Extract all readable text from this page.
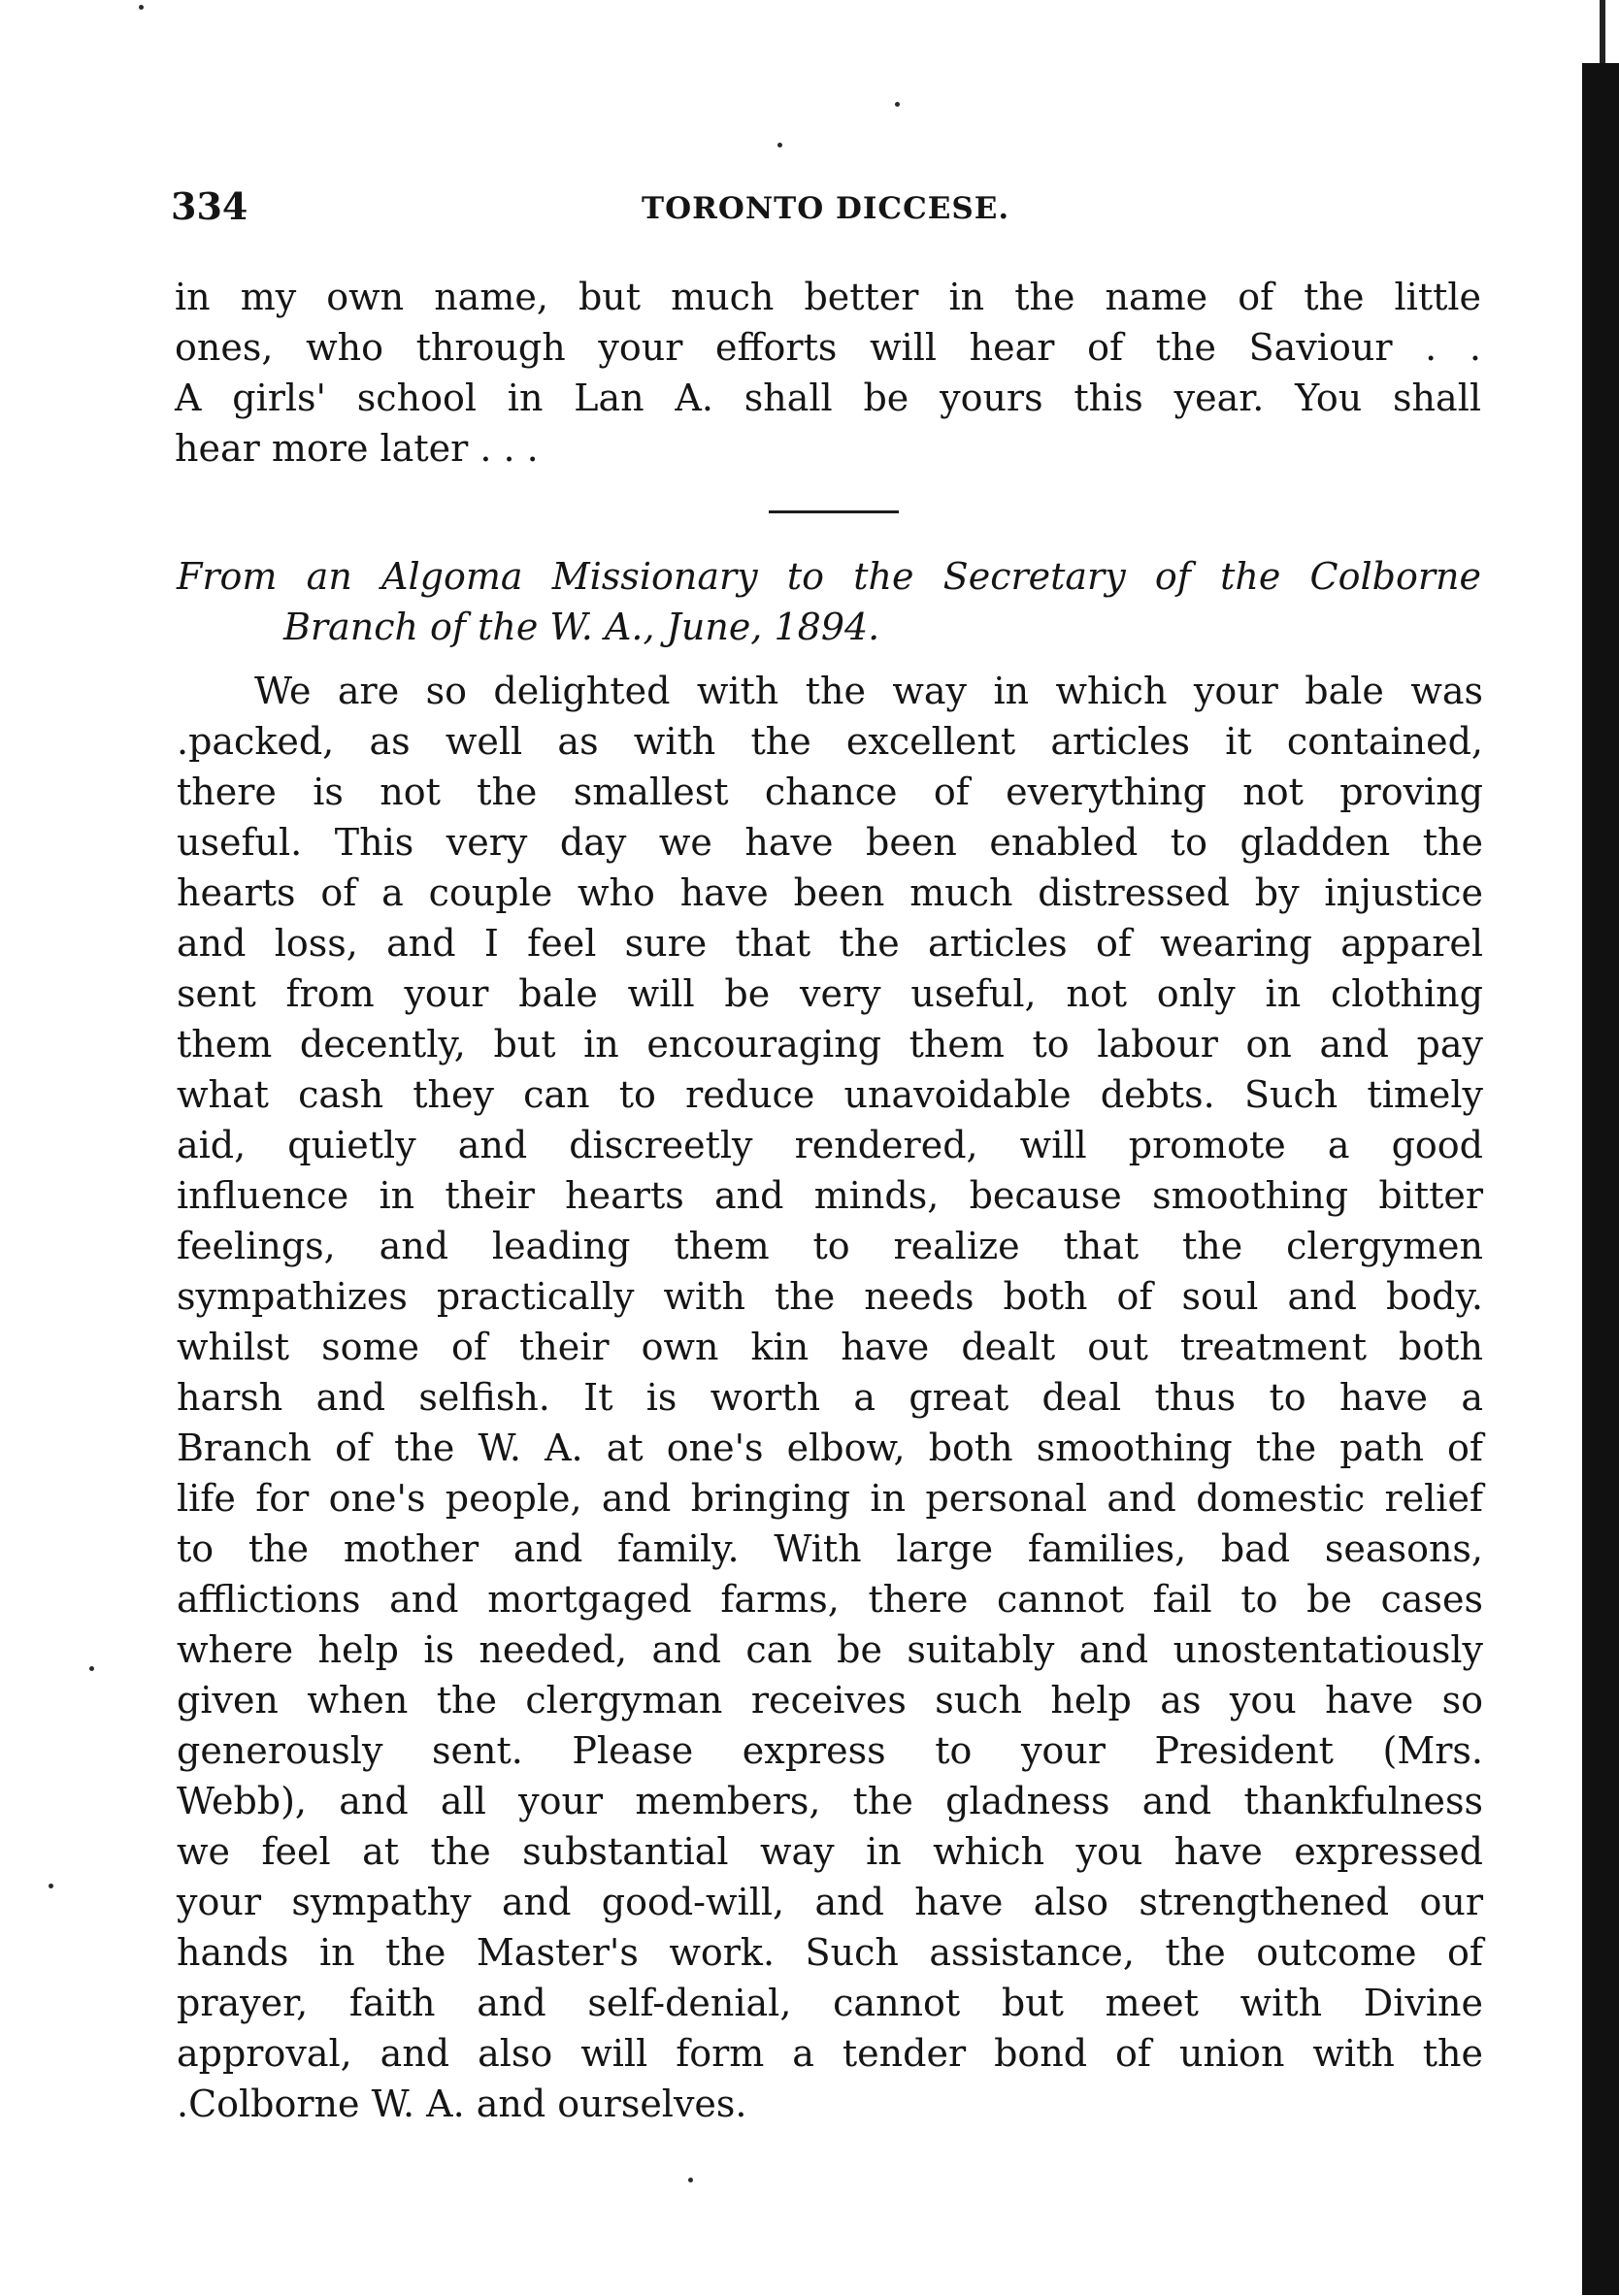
334	TORONTO DICCESE.
in my own name, but much better in the name of the little
ones, who through your efforts will hear of the Saviour . .
A girls' school in Lan A. shall be yours this year. You shall
hear more later . . .
From an Algoma Missionary to the Secretary of the Colborne
Branch of the W. A., June, 1894.
We are so delighted with the way in which your bale was
.packed, as well as with the excellent articles it contained,
there is not the smallest chance of everything not proving
useful. This very day we have been enabled to gladden the
hearts of a couple who have been much distressed by injustice
and loss, and I feel sure that the articles of wearing apparel
sent from your bale will be very useful, not only in clothing
them decently, but in encouraging them to labour on and pay
what cash they can to reduce unavoidable debts. Such timely
aid, quietly and discreetly rendered, will promote a good
influence in their hearts and minds, because smoothing bitter
feelings, and leading them to realize that the clergymen
sympathizes practically with the needs both of soul and body.
whilst some of their own kin have dealt out treatment both
harsh and selfish. It is worth a great deal thus to have a
Branch of the W. A. at one's elbow, both smoothing the path of
life for one's people, and bringing in personal and domestic relief
to the mother and family. With large families, bad seasons,
afflictions and mortgaged farms, there cannot fail to be cases
where help is needed, and can be suitably and unostentatiously
given when the clergyman receives such help as you have so
generously sent. Please express to your President (Mrs.
Webb), and all your members, the gladness and thankfulness
we feel at the substantial way in which you have expressed
your sympathy and good-will, and have also strengthened our
hands in the Master's work. Such assistance, the outcome of
prayer, faith and self-denial, cannot but meet with Divine
approval, and also will form a tender bond of union with the
.Colborne W. A. and ourselves.
